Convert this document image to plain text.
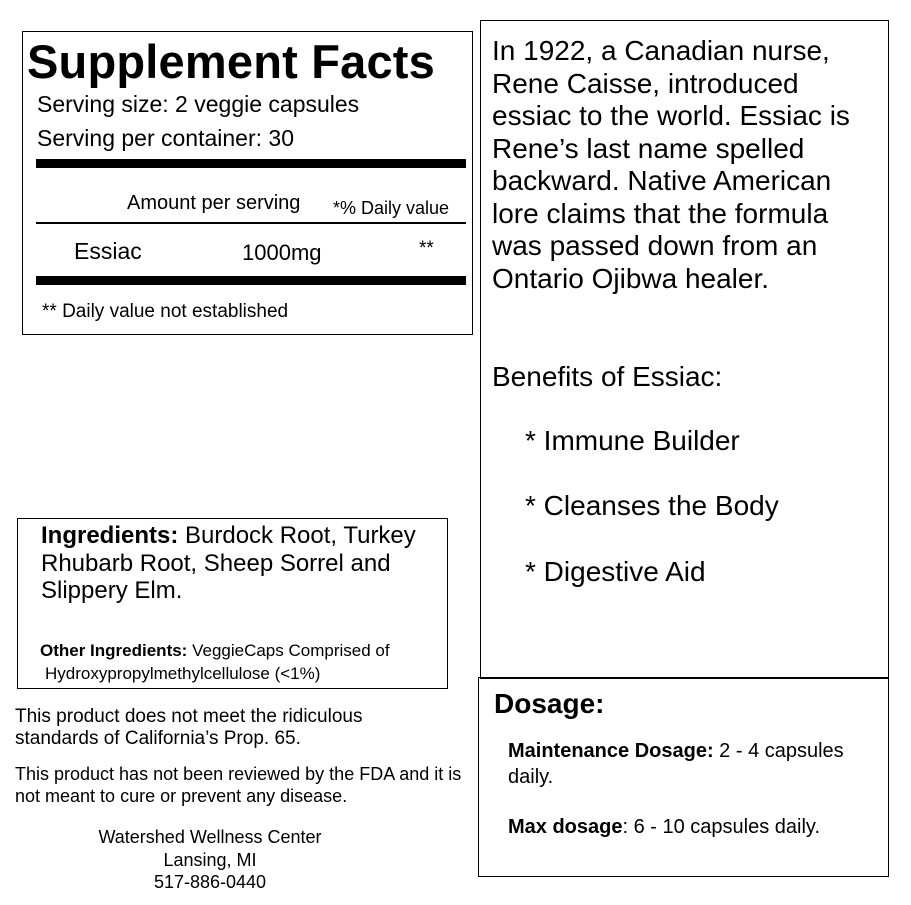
Supplement Facts
Serving size: 2 veggie capsules
Serving per container: 30
Amount per serving *% Daily value
Essiac	1000mg	**
** Daily value not established
In 1922, a Canadian nurse, Rene Caisse, introduced essiac to the world. Essiac is Rene’s last name spelled backward. Native American lore claims that the formula was passed down from an Ontario Ojibwa healer.
Benefits of Essiac:
* Immune Builder
* Cleanses the Body
* Digestive Aid
Ingredients: Burdock Root, Turkey Rhubarb Root, Sheep Sorrel and Slippery Elm.
Other Ingredients: VeggieCaps Comprised of
Hydroxypropylmethylcellulose (<1%)
This product does not meet the ridiculous standards of California’s Prop. 65.
This product has not been reviewed by the FDA and it is not meant to cure or prevent any disease.
Watershed Wellness Center
Lansing, MI
517-886-0440
Dosage:
Maintenance Dosage: 2 - 4 capsules daily.
Max dosage: 6 - 10 capsules daily.
